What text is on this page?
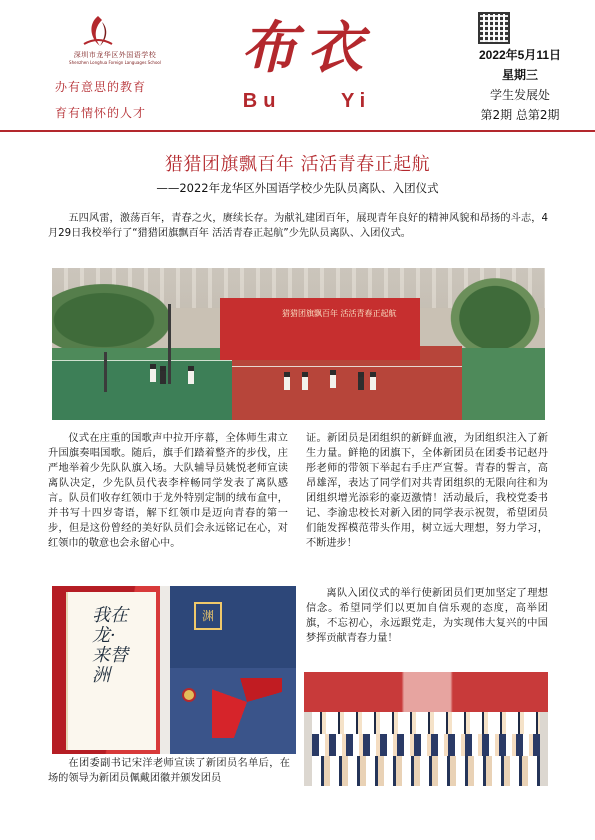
深圳市龙华区外国语学校
Shenzhen Longhua Foreign Languages School
办有意思的教育
育有情怀的人才
布衣
Bu	Yi
2022年5月11日
星期三
学生发展处
第2期 总第2期
猎猎团旗飘百年 活活青春正起航
——2022年龙华区外国语学校少先队员离队、入团仪式
五四风雷，激荡百年，青春之火，赓续长存。为献礼建团百年，展现青年良好的精神风貌和昂扬的斗志，4月29日我校举行了“猎猎团旗飘百年 活活青春正起航”少先队员离队、入团仪式。
猎猎团旗飘百年 活活青春正起航
仪式在庄重的国歌声中拉开序幕，全体师生肃立升国旗奏唱国歌。随后，旗手们踏着整齐的步伐，庄严地举着少先队队旗入场。大队辅导员姚悦老师宣读离队决定，少先队员代表李梓畅同学发表了离队感言。队员们收存红领巾于龙外特别定制的绒布盒中，并书写十四岁寄语，解下红领巾是迈向青春的第一步，但是这份曾经的美好队员们会永远铭记在心，对红领巾的敬意也会永留心中。
证。新团员是团组织的新鲜血液，为团组织注入了新生力量。鲜艳的团旗下，全体新团员在团委书记赵丹彤老师的带领下举起右手庄严宣誓。青春的誓言，高昂雄浑，表达了同学们对共青团组织的无限向往和为团组织增光添彩的豪迈激情！活动最后，我校党委书记、李渝忠校长对新入团的同学表示祝贺，希望团员们能发挥模范带头作用，树立远大理想，努力学习，不断进步！
我在龙·来替洲
渊
离队入团仪式的举行使新团员们更加坚定了理想信念。希望同学们以更加自信乐观的态度，高举团旗，不忘初心，永远跟党走，为实现伟大复兴的中国梦挥贡献青春力量！
在团委副书记宋洋老师宣读了新团员名单后，在场的领导为新团员佩戴团徽并颁发团员
